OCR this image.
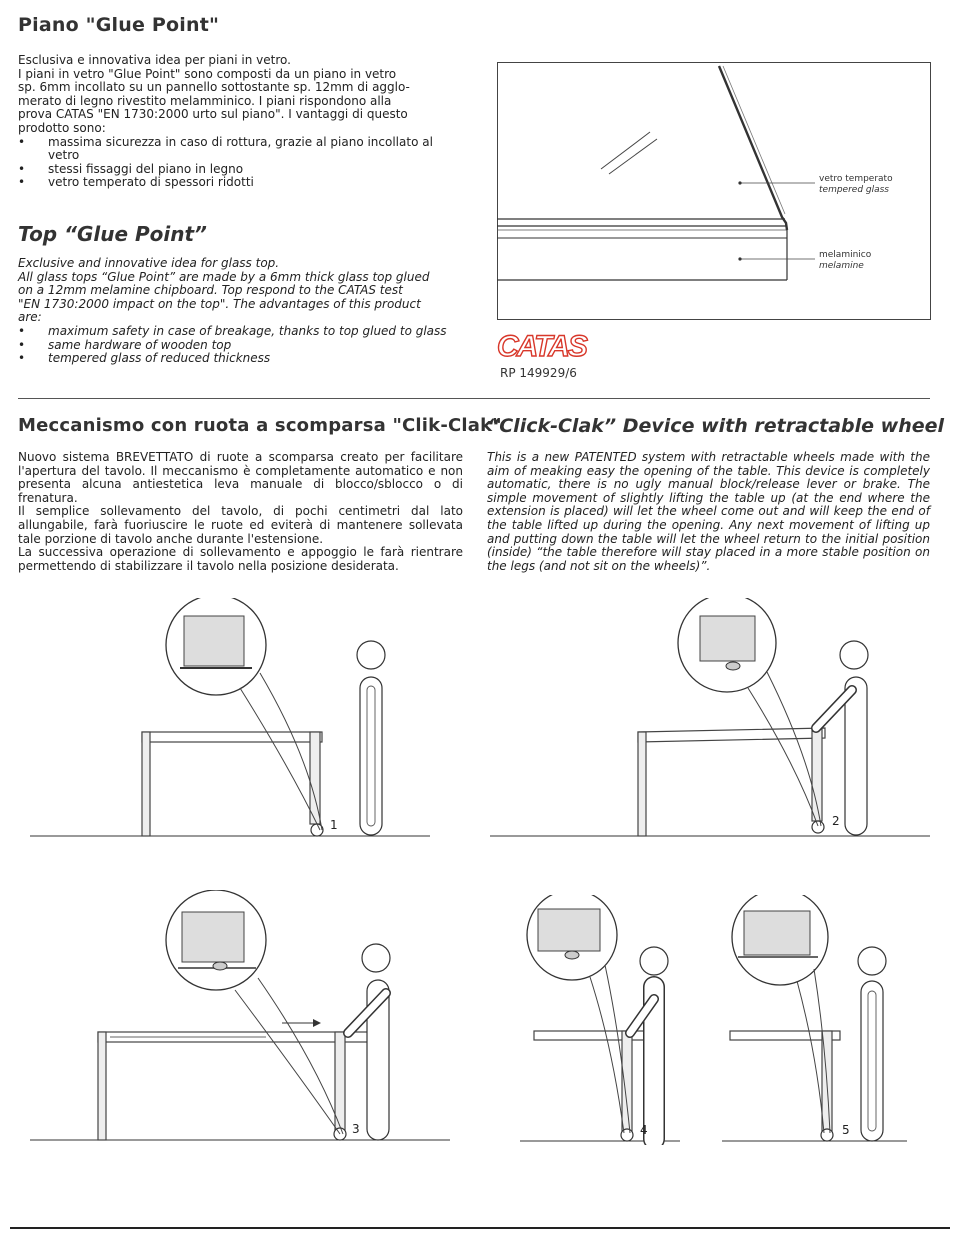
Piano "Glue Point"
Esclusiva e innovativa idea per piani in vetro.
I piani in vetro "Glue Point" sono composti da un piano in vetro
sp. 6mm incollato su un pannello sottostante sp. 12mm di agglo-
merato di legno rivestito melamminico. I piani rispondono alla
prova CATAS "EN 1730:2000 urto sul piano". I vantaggi di questo
prodotto sono:
• massima sicurezza in caso di rottura, grazie al piano incollato al vetro
• stessi fissaggi del piano in legno
• vetro temperato di spessori ridotti
Top “Glue Point”
Exclusive and innovative idea for glass top.
All glass tops “Glue Point” are made by a 6mm thick glass top glued
on a 12mm melamine chipboard. Top respond to the CATAS test
"EN 1730:2000 impact on the top". The advantages of this product
are:
• maximum safety in case of breakage, thanks to top glued to glass
• same hardware of wooden top
• tempered glass of reduced thickness
vetro temperato
tempered glass
melaminico
melamine
CATAS
RP 149929/6
Meccanismo con ruota a scomparsa "Clik-Clak"
Nuovo sistema BREVETTATO di ruote a scomparsa creato per facilitare l'apertura del tavolo. Il meccanismo è completamente automatico e non presenta alcuna antiestetica leva manuale di blocco/sblocco o di frenatura.
Il semplice sollevamento del tavolo, di pochi centimetri dal lato allungabile, farà fuoriuscire le ruote ed eviterà di mantenere sollevata tale porzione di tavolo anche durante l'estensione.
La successiva operazione di sollevamento e appoggio le farà rientrare permettendo di stabilizzare il tavolo nella posizione desiderata.
“Click-Clak” Device with retractable wheel
This is a new PATENTED system with retractable wheels made with the aim of meaking easy the opening of the table. This device is completely automatic, there is no ugly manual block/release lever or brake. The simple movement of slightly lifting the table up (at the end where the extension is placed) will let the wheel come out and will keep the end of the table lifted up during the opening. Any next movement of lifting up and putting down the table will let the wheel return to the initial position (inside) “the table therefore will stay placed in a more stable position on the legs (and not sit on the wheels)”.
1	2
3	4	5
